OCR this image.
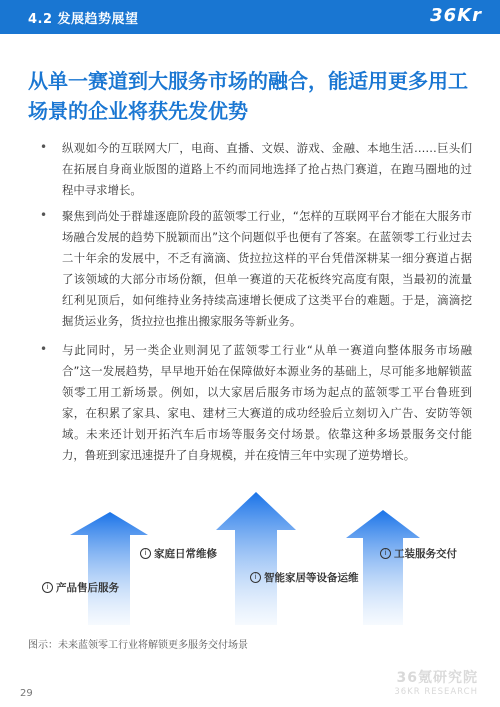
4.2 发展趋势展望	36Kr
从单一赛道到大服务市场的融合，能适用更多用工场景的企业将获先发优势
• 纵观如今的互联网大厂，电商、直播、文娱、游戏、金融、本地生活……巨头们在拓展自身商业版图的道路上不约而同地选择了抢占热门赛道，在跑马圈地的过程中寻求增长。
• 聚焦到尚处于群雄逐鹿阶段的蓝领零工行业，“怎样的互联网平台才能在大服务市场融合发展的趋势下脱颖而出”这个问题似乎也便有了答案。在蓝领零工行业过去二十年余的发展中，不乏有滴滴、货拉拉这样的平台凭借深耕某一细分赛道占据了该领域的大部分市场份额，但单一赛道的天花板终究高度有限，当最初的流量红利见顶后，如何维持业务持续高速增长便成了这类平台的难题。于是，滴滴挖掘货运业务，货拉拉也推出搬家服务等新业务。
• 与此同时，另一类企业则洞见了蓝领零工行业“从单一赛道向整体服务市场融合”这一发展趋势，早早地开始在保障做好本源业务的基础上，尽可能多地解锁蓝领零工用工新场景。例如，以大家居后服务市场为起点的蓝领零工平台鲁班到家，在积累了家具、家电、建材三大赛道的成功经验后立刻切入广告、安防等领域。未来还计划开拓汽车后市场等服务交付场景。依靠这种多场景服务交付能力，鲁班到家迅速提升了自身规模，并在疫情三年中实现了逆势增长。
i 产品售后服务
i 家庭日常维修
i 智能家居等设备运维
i 工装服务交付
图示：未来蓝领零工行业将解锁更多服务交付场景
29
36氪研究院
36KR RESEARCH
